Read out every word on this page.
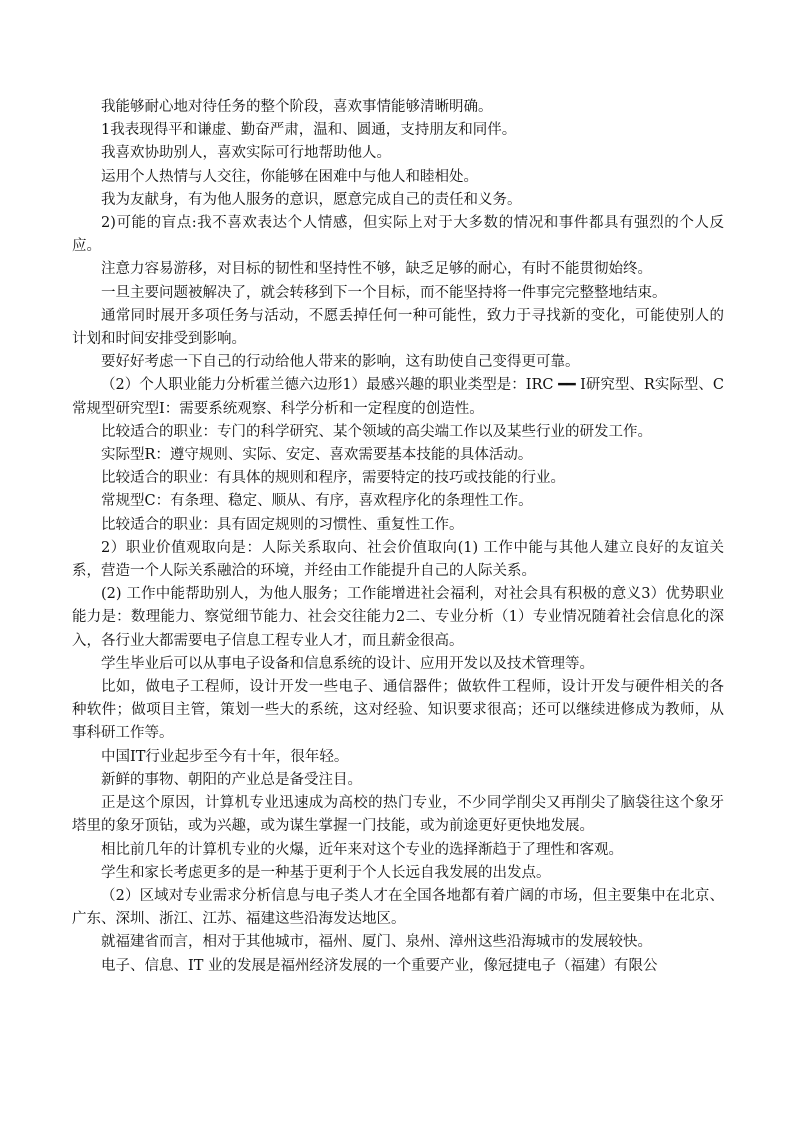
我能够耐心地对待任务的整个阶段，喜欢事情能够清晰明确。

1我表现得平和谦虚、勤奋严肃，温和、圆通，支持朋友和同伴。

我喜欢协助别人，喜欢实际可行地帮助他人。

运用个人热情与人交往，你能够在困难中与他人和睦相处。

我为友献身，有为他人服务的意识，愿意完成自己的责任和义务。

2)可能的盲点:我不喜欢表达个人情感，但实际上对于大多数的情况和事件都具有强烈的个人反应。

注意力容易游移，对目标的韧性和坚持性不够，缺乏足够的耐心，有时不能贯彻始终。

一旦主要问题被解决了，就会转移到下一个目标，而不能坚持将一件事完完整整地结束。

通常同时展开多项任务与活动，不愿丢掉任何一种可能性，致力于寻找新的变化，可能使别人的计划和时间安排受到影响。

要好好考虑一下自己的行动给他人带来的影响，这有助使自己变得更可靠。

（2）个人职业能力分析霍兰德六边形1）最感兴趣的职业类型是：IRC ━━ I研究型、R实际型、C常规型研究型I：需要系统观察、科学分析和一定程度的创造性。

比较适合的职业：专门的科学研究、某个领域的高尖端工作以及某些行业的研发工作。

实际型R：遵守规则、实际、安定、喜欢需要基本技能的具体活动。

比较适合的职业：有具体的规则和程序，需要特定的技巧或技能的行业。

常规型C：有条理、稳定、顺从、有序，喜欢程序化的条理性工作。

比较适合的职业：具有固定规则的习惯性、重复性工作。

2）职业价值观取向是：人际关系取向、社会价值取向(1) 工作中能与其他人建立良好的友谊关系，营造一个人际关系融洽的环境，并经由工作能提升自己的人际关系。

(2) 工作中能帮助别人，为他人服务；工作能增进社会福利，对社会具有积极的意义3）优势职业能力是：数理能力、察觉细节能力、社会交往能力2二、专业分析（1）专业情况随着社会信息化的深入，各行业大都需要电子信息工程专业人才，而且薪金很高。

学生毕业后可以从事电子设备和信息系统的设计、应用开发以及技术管理等。

比如，做电子工程师，设计开发一些电子、通信器件；做软件工程师，设计开发与硬件相关的各种软件；做项目主管，策划一些大的系统，这对经验、知识要求很高；还可以继续进修成为教师，从事科研工作等。

中国IT行业起步至今有十年，很年轻。

新鲜的事物、朝阳的产业总是备受注目。

正是这个原因，计算机专业迅速成为高校的热门专业，不少同学削尖又再削尖了脑袋往这个象牙塔里的象牙顶钻，或为兴趣，或为谋生掌握一门技能，或为前途更好更快地发展。

相比前几年的计算机专业的火爆，近年来对这个专业的选择渐趋于了理性和客观。

学生和家长考虑更多的是一种基于更利于个人长远自我发展的出发点。

（2）区域对专业需求分析信息与电子类人才在全国各地都有着广阔的市场，但主要集中在北京、广东、深圳、浙江、江苏、福建这些沿海发达地区。

就福建省而言，相对于其他城市，福州、厦门、泉州、漳州这些沿海城市的发展较快。

电子、信息、IT 业的发展是福州经济发展的一个重要产业，像冠捷电子（福建）有限公
